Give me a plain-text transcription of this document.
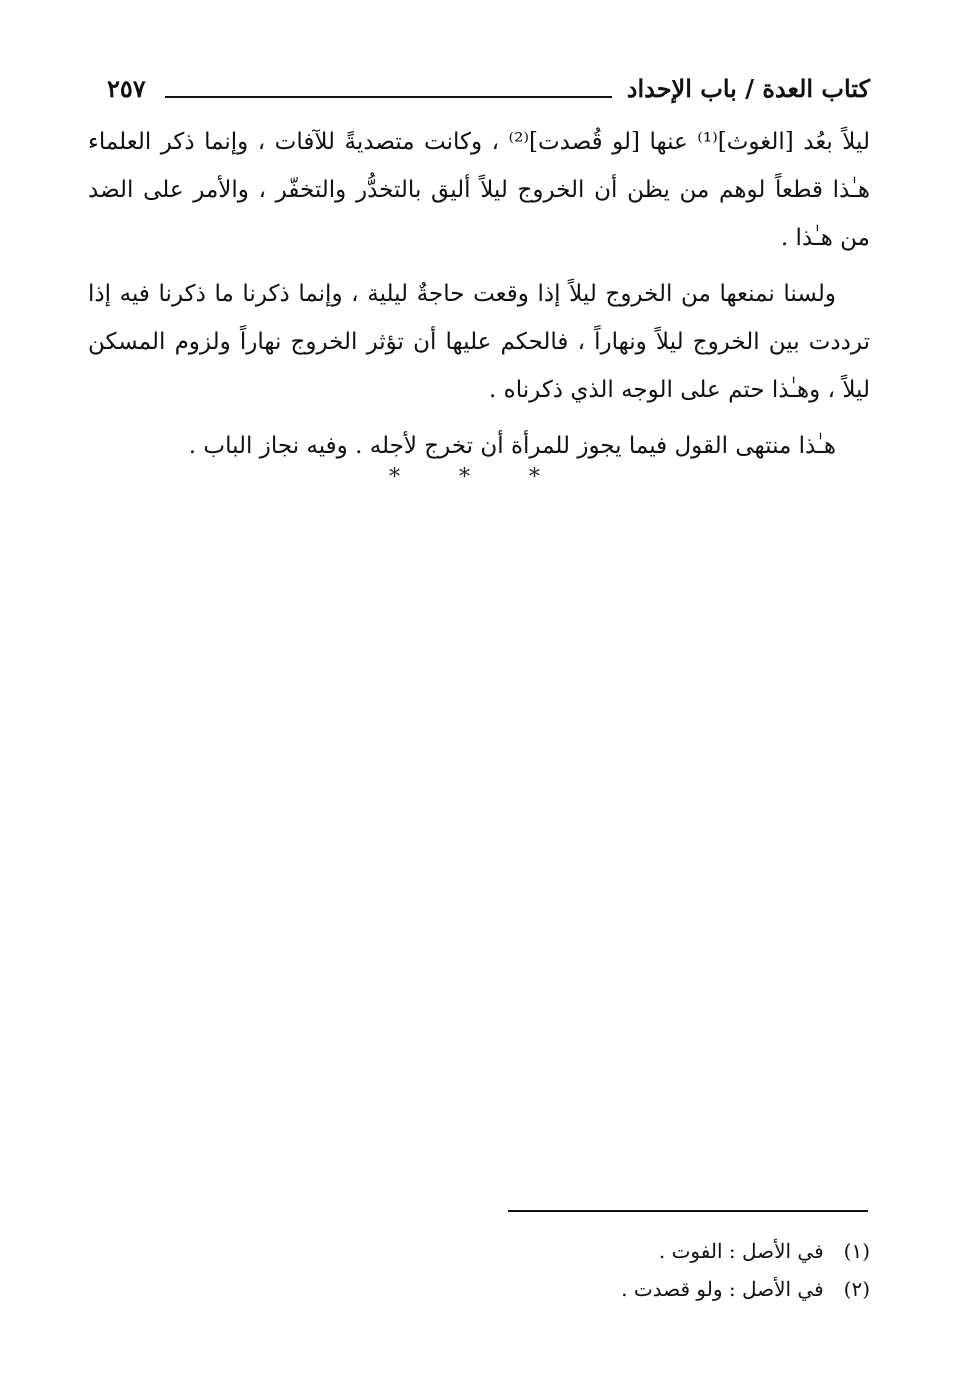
كتاب العدة / باب الإحداد
٢٥٧

ليلاً بعُد [الغوث]⁽¹⁾ عنها [لو قُصدت]⁽²⁾ ، وكانت متصديةً للآفات ، وإنما ذكر العلماء هـٰذا قطعاً لوهم من يظن أن الخروج ليلاً أليق بالتخدُّر والتخفّر ، والأمر على الضد من هـٰذا .

ولسنا نمنعها من الخروج ليلاً إذا وقعت حاجةٌ ليلية ، وإنما ذكرنا ما ذكرنا فيه إذا ترددت بين الخروج ليلاً ونهاراً ، فالحكم عليها أن تؤثر الخروج نهاراً ولزوم المسكن ليلاً ، وهـٰذا حتم على الوجه الذي ذكرناه .

هـٰذا منتهى القول فيما يجوز للمرأة أن تخرج لأجله . وفيه نجاز الباب .

* * *
(١) في الأصل : الفوت .
(٢) في الأصل : ولو قصدت .
